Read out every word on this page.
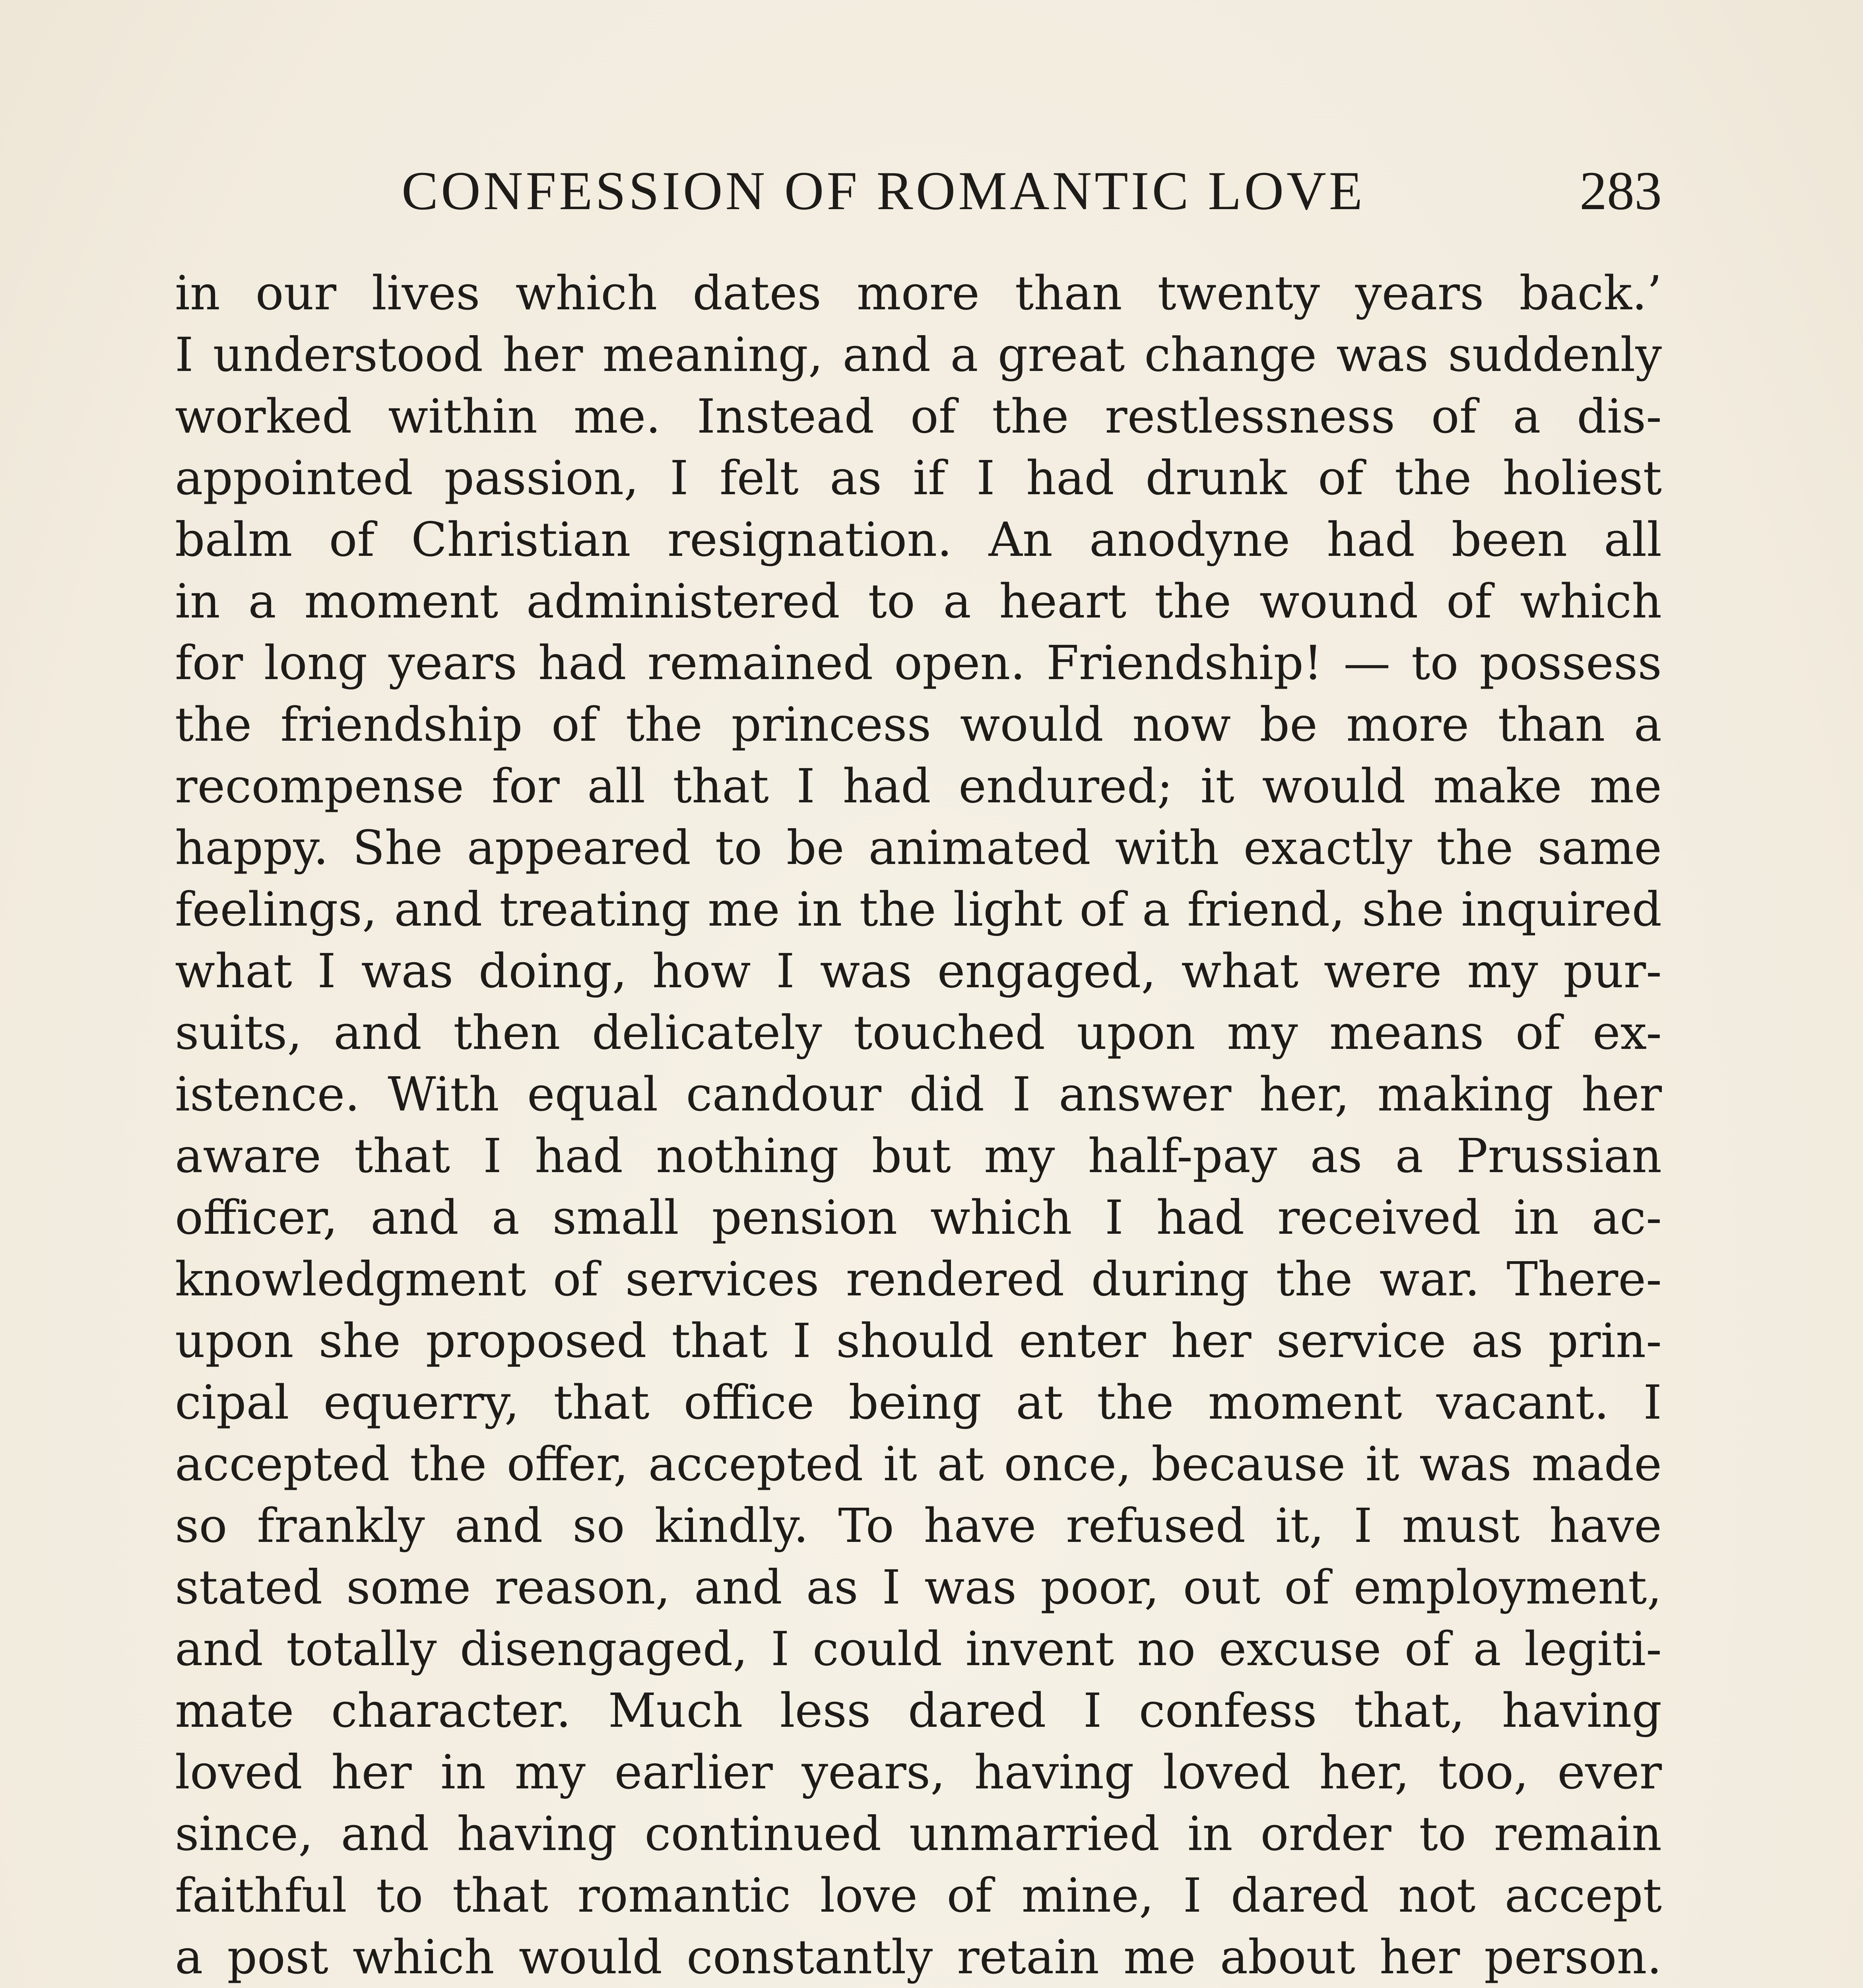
CONFESSION OF ROMANTIC LOVE	283
in our lives which dates more than twenty years back.’
I understood her meaning, and a great change was suddenly
worked within me. Instead of the restlessness of a dis-
appointed passion, I felt as if I had drunk of the holiest
balm of Christian resignation. An anodyne had been all
in a moment administered to a heart the wound of which
for long years had remained open. Friendship! — to possess
the friendship of the princess would now be more than a
recompense for all that I had endured; it would make me
happy. She appeared to be animated with exactly the same
feelings, and treating me in the light of a friend, she inquired
what I was doing, how I was engaged, what were my pur-
suits, and then delicately touched upon my means of ex-
istence. With equal candour did I answer her, making her
aware that I had nothing but my half-pay as a Prussian
officer, and a small pension which I had received in ac-
knowledgment of services rendered during the war. There-
upon she proposed that I should enter her service as prin-
cipal equerry, that office being at the moment vacant. I
accepted the offer, accepted it at once, because it was made
so frankly and so kindly. To have refused it, I must have
stated some reason, and as I was poor, out of employment,
and totally disengaged, I could invent no excuse of a legiti-
mate character. Much less dared I confess that, having
loved her in my earlier years, having loved her, too, ever
since, and having continued unmarried in order to remain
faithful to that romantic love of mine, I dared not accept
a post which would constantly retain me about her person.
